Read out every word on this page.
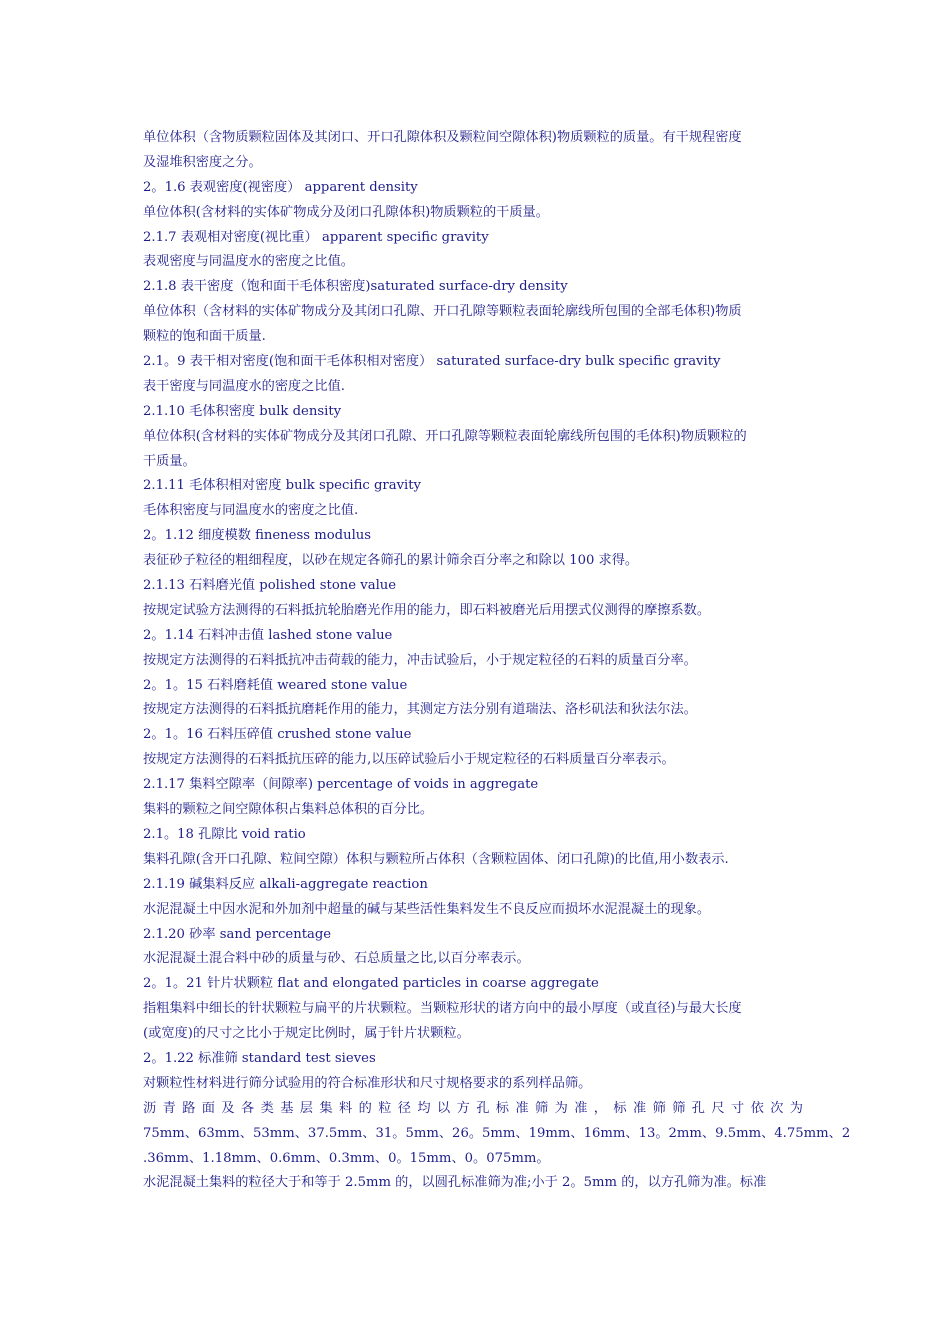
单位体积（含物质颗粒固体及其闭口、开口孔隙体积及颗粒间空隙体积)物质颗粒的质量。有干规程密度
及湿堆积密度之分。
2。1.6 表观密度(视密度） apparent density
单位体积(含材料的实体矿物成分及闭口孔隙体积)物质颗粒的干质量。
2.1.7 表观相对密度(视比重） apparent specific gravity
表观密度与同温度水的密度之比值。
2.1.8 表干密度（饱和面干毛体积密度)saturated surface-dry density
单位体积（含材料的实体矿物成分及其闭口孔隙、开口孔隙等颗粒表面轮廓线所包围的全部毛体积)物质
颗粒的饱和面干质量.
2.1。9 表干相对密度(饱和面干毛体积相对密度） saturated surface-dry bulk specific gravity
表干密度与同温度水的密度之比值.
2.1.10 毛体积密度 bulk density
单位体积(含材料的实体矿物成分及其闭口孔隙、开口孔隙等颗粒表面轮廓线所包围的毛体积)物质颗粒的
干质量。
2.1.11 毛体积相对密度 bulk specific gravity
毛体积密度与同温度水的密度之比值.
2。1.12 细度模数 fineness modulus
表征砂子粒径的粗细程度，以砂在规定各筛孔的累计筛余百分率之和除以 100 求得。
2.1.13 石料磨光值 polished stone value
按规定试验方法测得的石料抵抗轮胎磨光作用的能力，即石料被磨光后用摆式仪测得的摩擦系数。
2。1.14 石料冲击值 lashed stone value
按规定方法测得的石料抵抗冲击荷载的能力，冲击试验后，小于规定粒径的石料的质量百分率。
2。1。15 石料磨耗值 weared stone value
按规定方法测得的石料抵抗磨耗作用的能力，其测定方法分别有道瑞法、洛杉矶法和狄法尔法。
2。1。16 石料压碎值 crushed stone value
按规定方法测得的石料抵抗压碎的能力,以压碎试验后小于规定粒径的石料质量百分率表示。
2.1.17 集料空隙率（间隙率) percentage of voids in aggregate
集料的颗粒之间空隙体积占集料总体积的百分比。
2.1。18 孔隙比 void ratio
集料孔隙(含开口孔隙、粒间空隙）体积与颗粒所占体积（含颗粒固体、闭口孔隙)的比值,用小数表示.
2.1.19 碱集料反应 alkali-aggregate reaction
水泥混凝土中因水泥和外加剂中超量的碱与某些活性集料发生不良反应而损坏水泥混凝土的现象。
2.1.20 砂率 sand percentage
水泥混凝土混合料中砂的质量与砂、石总质量之比,以百分率表示。
2。1。21 针片状颗粒 flat and elongated particles in coarse aggregate
指粗集料中细长的针状颗粒与扁平的片状颗粒。当颗粒形状的诸方向中的最小厚度（或直径)与最大长度
(或宽度)的尺寸之比小于规定比例时，属于针片状颗粒。
2。1.22 标准筛 standard test sieves
对颗粒性材料进行筛分试验用的符合标准形状和尺寸规格要求的系列样品筛。
沥青路面及各类基层集料的粒径均以方孔标准筛为准，标准筛筛孔尺寸依次为
75mm、63mm、53mm、37.5mm、31。5mm、26。5mm、19mm、16mm、13。2mm、9.5mm、4.75mm、2
.36mm、1.18mm、0.6mm、0.3mm、0。15mm、0。075mm。
水泥混凝土集料的粒径大于和等于 2.5mm 的，以圆孔标准筛为准;小于 2。5mm 的，以方孔筛为准。标准
